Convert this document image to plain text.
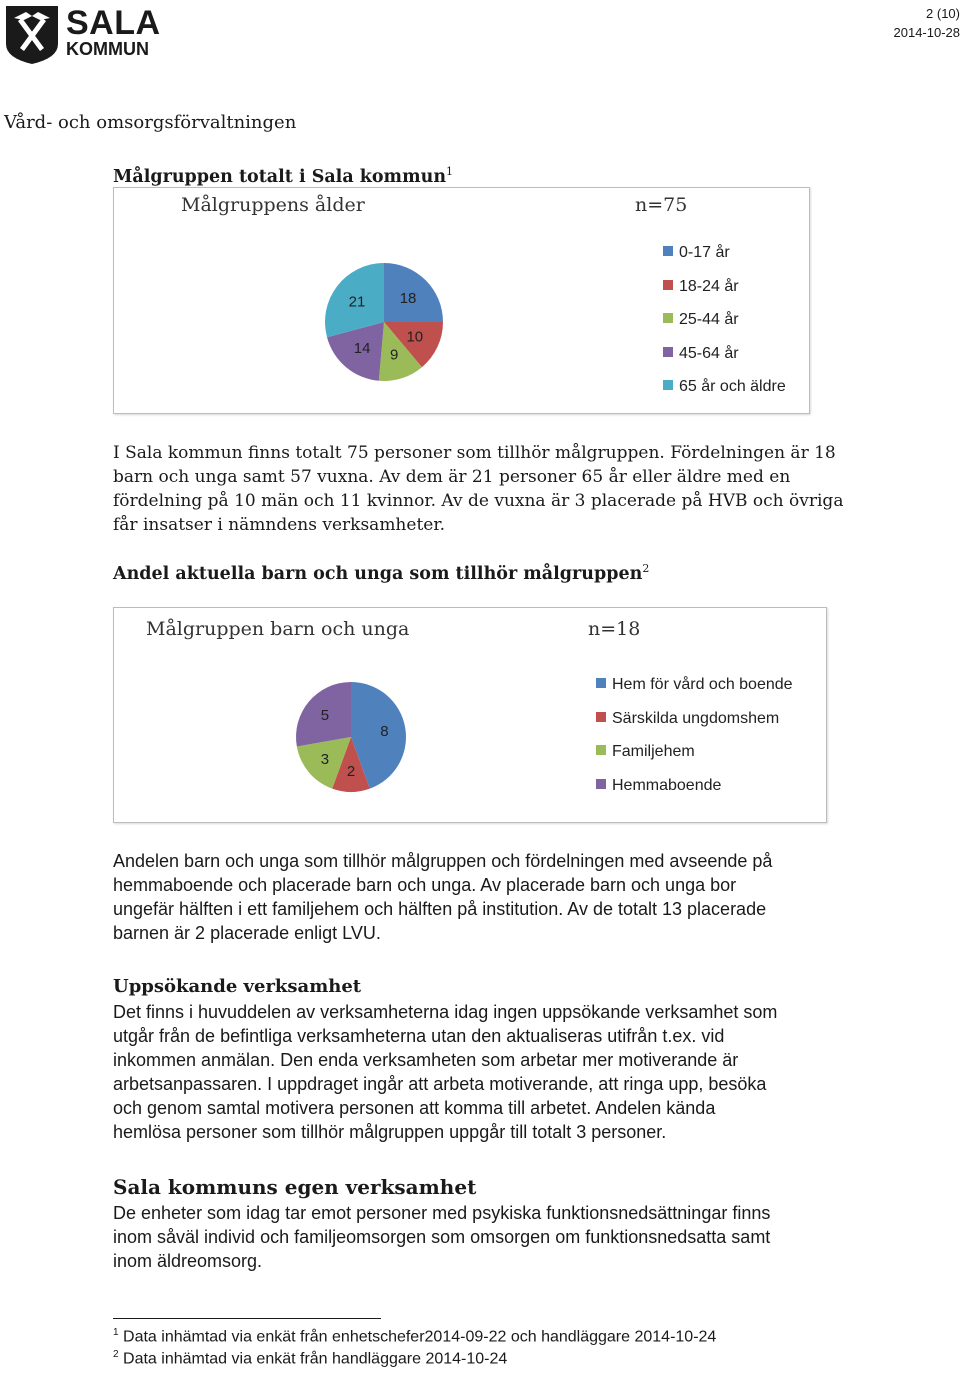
SALA
KOMMUN
2 (10)
2014-10-28
Vård- och omsorgsförvaltningen
Målgruppen totalt i Sala kommun$^1$
Målgruppens ålder	n=75
18
10
9
14
21
0-17 år
18-24 år
25-44 år
45-64 år
65 år och äldre
I Sala kommun finns totalt 75 personer som tillhör målgruppen. Fördelningen är 18
barn och unga samt 57 vuxna. Av dem är 21 personer 65 år eller äldre med en
fördelning på 10 män och 11 kvinnor. Av de vuxna är 3 placerade på HVB och övriga
får insatser i nämndens verksamheter.
Andel aktuella barn och unga som tillhör målgruppen$^2$
Målgruppen barn och unga	n=18
8
2
3
5
Hem för vård och boende
Särskilda ungdomshem
Familjehem
Hemmaboende
Andelen barn och unga som tillhör målgruppen och fördelningen med avseende på
hemmaboende och placerade barn och unga. Av placerade barn och unga bor
ungefär hälften i ett familjehem och hälften på institution. Av de totalt 13 placerade
barnen är 2 placerade enligt LVU.
Uppsökande verksamhet
Det finns i huvuddelen av verksamheterna idag ingen uppsökande verksamhet som
utgår från de befintliga verksamheterna utan den aktualiseras utifrån t.ex. vid
inkommen anmälan. Den enda verksamheten som arbetar mer motiverande är
arbetsanpassaren. I uppdraget ingår att arbeta motiverande, att ringa upp, besöka
och genom samtal motivera personen att komma till arbetet. Andelen kända
hemlösa personer som tillhör målgruppen uppgår till totalt 3 personer.
Sala kommuns egen verksamhet
De enheter som idag tar emot personer med psykiska funktionsnedsättningar finns
inom såväl individ och familjeomsorgen som omsorgen om funktionsnedsatta samt
inom äldreomsorg.
$^1$ Data inhämtad via enkät från enhetschefer2014-09-22 och handläggare 2014-10-24
$^2$ Data inhämtad via enkät från handläggare 2014-10-24
